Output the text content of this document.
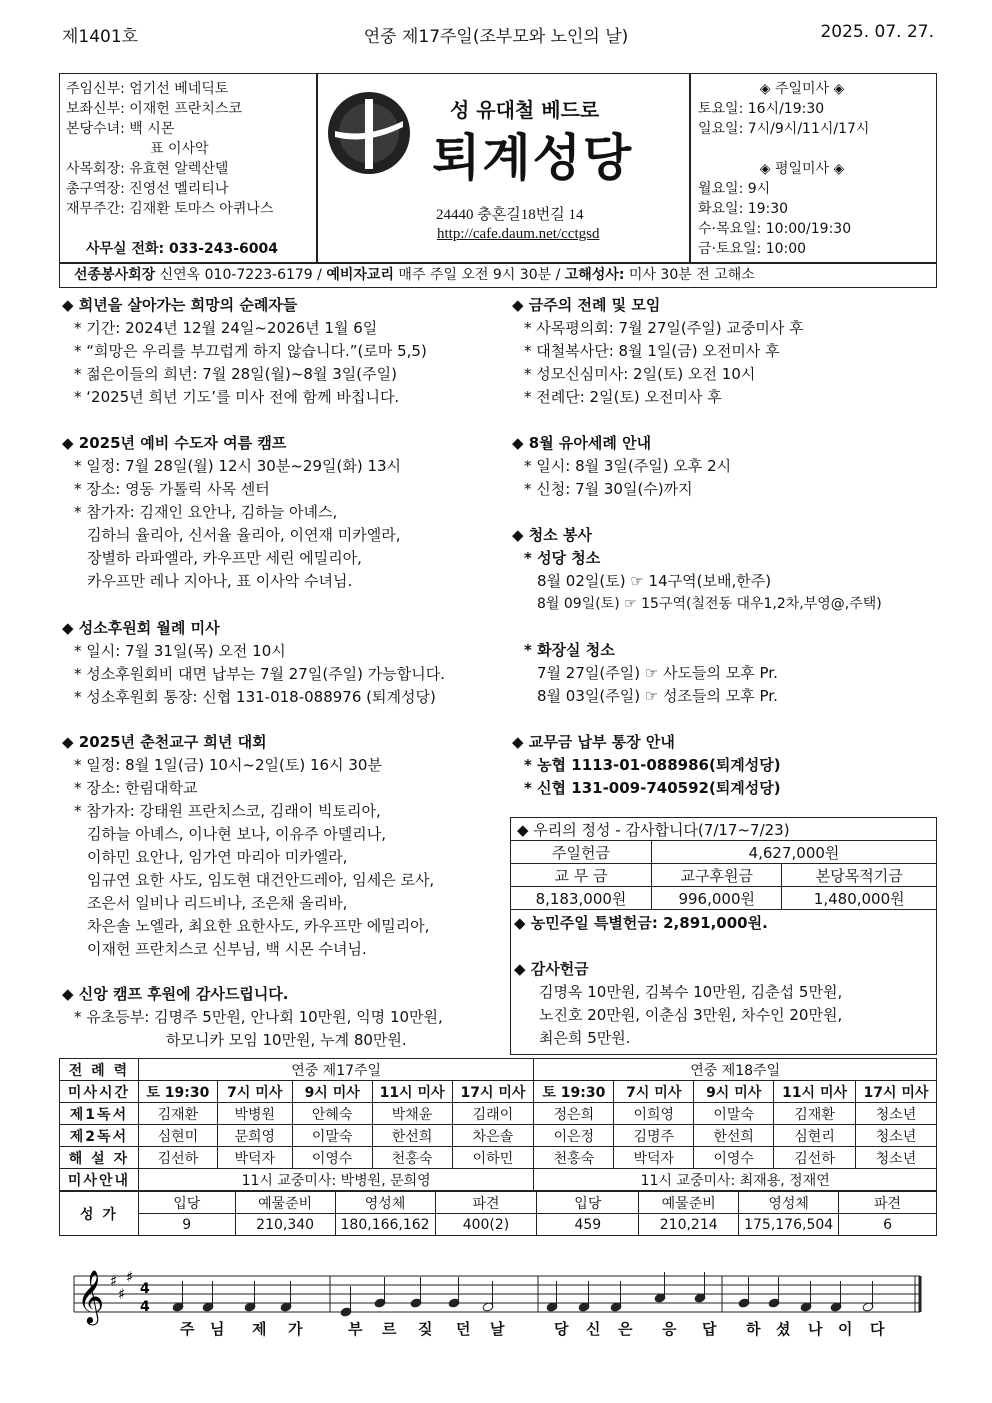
제1401호	연중 제17주일(조부모와 노인의 날)	2025. 07. 27.
주임신부: 엄기선 베네딕토
보좌신부: 이재헌 프란치스코
본당수녀: 백 시몬
표 이사악
사목회장: 유효현 알렉산델
총구역장: 진영선 멜리티나
재무주간: 김재환 토마스 아퀴나스
사무실 전화: 033-243-6004
성 유대철 베드로
퇴계성당
24440 충혼길18번길 14
http://cafe.daum.net/cctgsd
◈ 주일미사 ◈
토요일: 16시/19:30
일요일: 7시/9시/11시/17시
◈ 평일미사 ◈
월요일: 9시
화요일: 19:30
수·목요일: 10:00/19:30
금·토요일: 10:00
선종봉사회장 신연옥 010-7223-6179 / 예비자교리 매주 주일 오전 9시 30분 / 고해성사: 미사 30분 전 고해소
◆ 희년을 살아가는 희망의 순례자들
* 기간: 2024년 12월 24일~2026년 1월 6일
* “희망은 우리를 부끄럽게 하지 않습니다.”(로마 5,5)
* 젊은이들의 희년: 7월 28일(월)~8월 3일(주일)
* ‘2025년 희년 기도’를 미사 전에 함께 바칩니다.
◆ 2025년 예비 수도자 여름 캠프
* 일정: 7월 28일(월) 12시 30분~29일(화) 13시
* 장소: 영동 가톨릭 사목 센터
* 참가자: 김재인 요안나, 김하늘 아녜스,
김하늬 율리아, 신서율 율리아, 이연재 미카엘라,
장별하 라파엘라, 카우프만 세린 에밀리아,
카우프만 레나 지아나, 표 이사악 수녀님.
◆ 성소후원회 월례 미사
* 일시: 7월 31일(목) 오전 10시
* 성소후원회비 대면 납부는 7월 27일(주일) 가능합니다.
* 성소후원회 통장: 신협 131-018-088976 (퇴계성당)
◆ 2025년 춘천교구 희년 대회
* 일정: 8월 1일(금) 10시~2일(토) 16시 30분
* 장소: 한림대학교
* 참가자: 강태원 프란치스코, 김래이 빅토리아,
김하늘 아녜스, 이나현 보나, 이유주 아델리나,
이하민 요안나, 임가연 마리아 미카엘라,
임규연 요한 사도, 임도현 대건안드레아, 임세은 로사,
조은서 일비나 리드비나, 조은채 올리바,
차은솔 노엘라, 최요한 요한사도, 카우프만 에밀리아,
이재헌 프란치스코 신부님, 백 시몬 수녀님.
◆ 신앙 캠프 후원에 감사드립니다.
* 유초등부: 김명주 5만원, 안나회 10만원, 익명 10만원,
하모니카 모임 10만원, 누계 80만원.
◆ 금주의 전례 및 모임
* 사목평의회: 7월 27일(주일) 교중미사 후
* 대철복사단: 8월 1일(금) 오전미사 후
* 성모신심미사: 2일(토) 오전 10시
* 전례단: 2일(토) 오전미사 후
◆ 8월 유아세례 안내
* 일시: 8월 3일(주일) 오후 2시
* 신청: 7월 30일(수)까지
◆ 청소 봉사
* 성당 청소
8월 02일(토) ☞ 14구역(보배,한주)
8월 09일(토) ☞ 15구역(칠전동 대우1,2차,부영@,주택)
* 화장실 청소
7월 27일(주일) ☞ 사도들의 모후 Pr.
8월 03일(주일) ☞ 성조들의 모후 Pr.
◆ 교무금 납부 통장 안내
* 농협 1113-01-088986(퇴계성당)
* 신협 131-009-740592(퇴계성당)
◆ 우리의 정성 - 감사합니다(7/17~7/23)		
주일헌금	4,627,000원	
교 무 금	교구후원금	본당목적기금
8,183,000원	996,000원	1,480,000원
◆ 농민주일 특별헌금: 2,891,000원.
◆ 감사헌금
김명옥 10만원, 김복수 10만원, 김춘섭 5만원,
노진호 20만원, 이춘심 3만원, 차수인 20만원,
최은희 5만원.
전 례 력	연중 제17주일					연중 제18주일				
미사시간	토 19:30	7시 미사	9시 미사	11시 미사	17시 미사	토 19:30	7시 미사	9시 미사	11시 미사	17시 미사
제1독서	김재환	박병원	안혜숙	박채윤	김래이	정은희	이희영	이말숙	김재환	청소년
제2독서	심현미	문희영	이말숙	한선희	차은솔	이은정	김명주	한선희	심현리	청소년
해 설 자	김선하	박덕자	이영수	천홍숙	이하민	천홍숙	박덕자	이영수	김선하	청소년
미사안내	11시 교중미사: 박병원, 문희영					11시 교중미사: 최재용, 정재연				
성 가	입당	예물준비	영성체	파견	입당	예물준비	영성체	파견
	9	210,340	180,166,162	400(2)	459	210,214	175,176,504	6
𝄞 ♯
♯
♯
4
4
주 님 제 가	부 르 짖 던 날	당 신 은 응 답 하 셨 나 이 다
